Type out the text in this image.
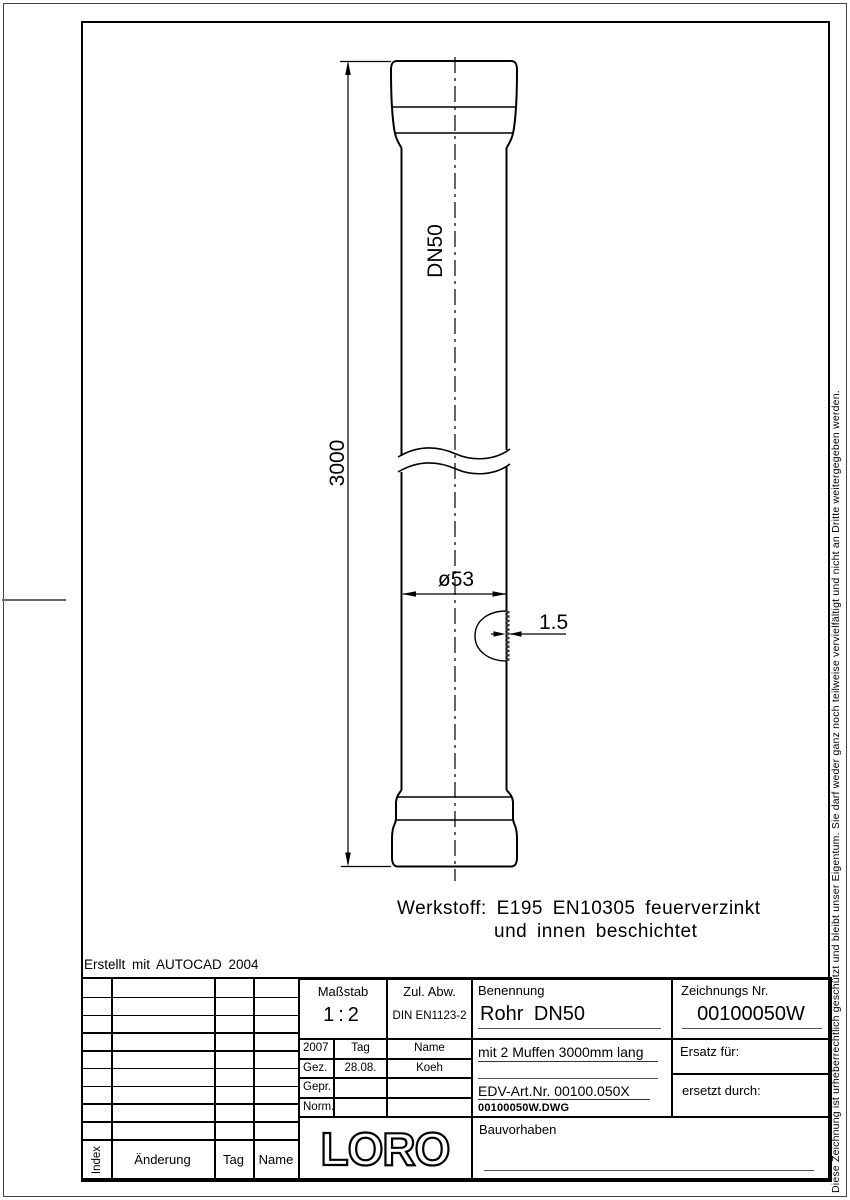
Diese Zeichnung ist urheberrechtlich geschützt und bleibt unser Eigentum. Sie darf weder ganz noch teilweise vervielfältigt und nicht an Dritte weitergegeben werden.
3000
DN50
ø53
1.5
Werkstoff: E195 EN10305 feuerverzinkt
und innen beschichtet
Erstellt mit AUTOCAD 2004
Index	Änderung	Tag	Name
Maßstab
1:2
Zul. Abw.
DIN EN1123-2
2007	Tag	Name
Gez.	28.08.	Koeh
Gepr.
Norm.
LORO
Benennung
Rohr DN50
Zeichnungs Nr.
00100050W
mit 2 Muffen 3000mm lang
EDV-Art.Nr. 00100.050X
00100050W.DWG
Ersatz für:
ersetzt durch:
Bauvorhaben
